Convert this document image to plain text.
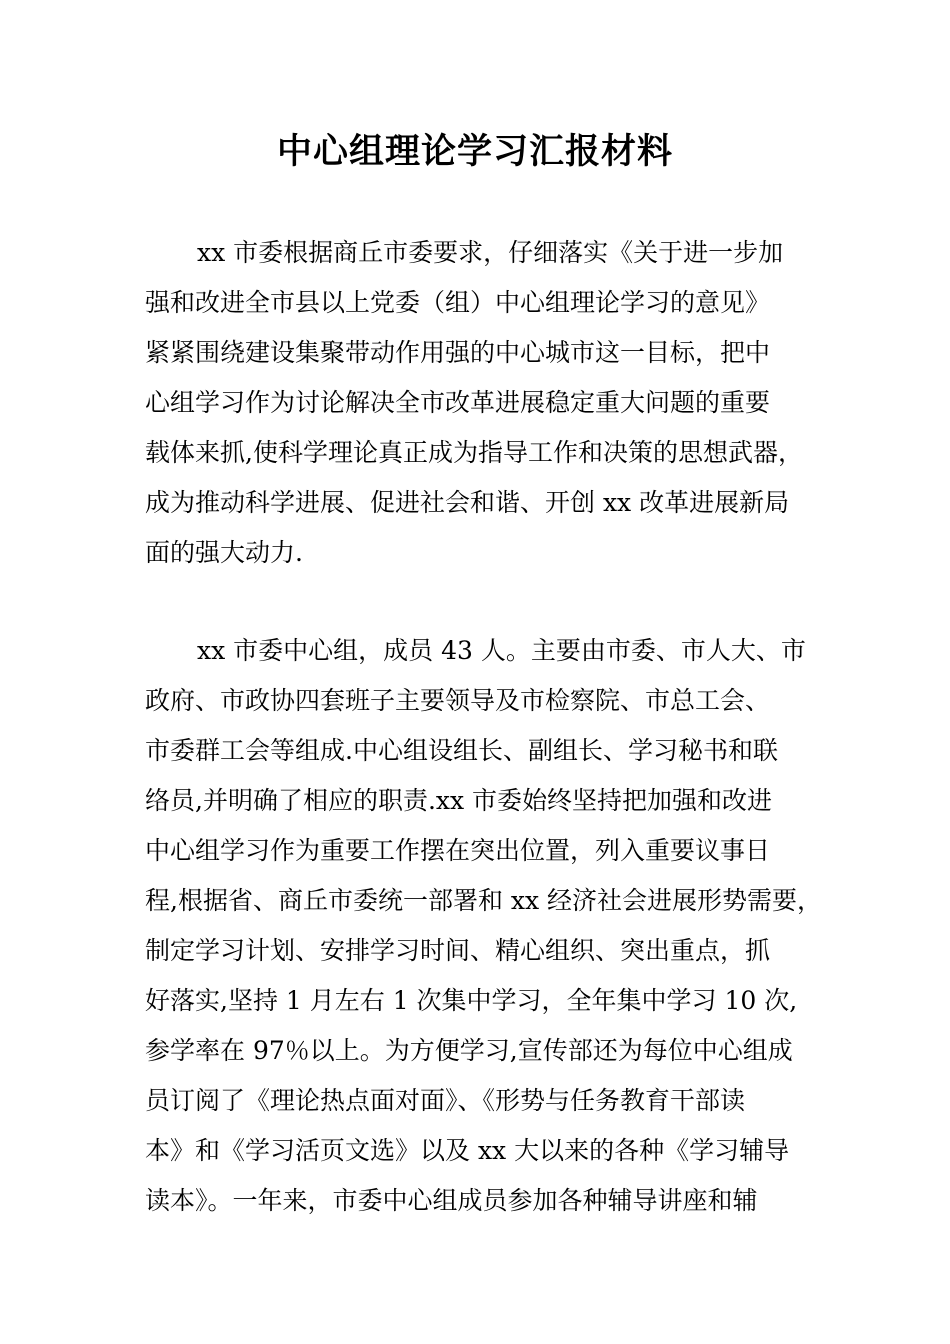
中心组理论学习汇报材料
xx 市委根据商丘市委要求，仔细落实《关于进一步加
强和改进全市县以上党委（组）中心组理论学习的意见》
紧紧围绕建设集聚带动作用强的中心城市这一目标，把中
心组学习作为讨论解决全市改革进展稳定重大问题的重要
载体来抓,使科学理论真正成为指导工作和决策的思想武器，
成为推动科学进展、促进社会和谐、开创 xx 改革进展新局
面的强大动力.
xx 市委中心组，成员 43 人。主要由市委、市人大、市
政府、市政协四套班子主要领导及市检察院、市总工会、
市委群工会等组成.中心组设组长、副组长、学习秘书和联
络员,并明确了相应的职责.xx 市委始终坚持把加强和改进
中心组学习作为重要工作摆在突出位置，列入重要议事日
程,根据省、商丘市委统一部署和 xx 经济社会进展形势需要，
制定学习计划、安排学习时间、精心组织、突出重点，抓
好落实,坚持 1 月左右 1 次集中学习，全年集中学习 10 次,
参学率在 97％以上。为方便学习,宣传部还为每位中心组成
员订阅了《理论热点面对面》、《形势与任务教育干部读
本》和《学习活页文选》以及 xx 大以来的各种《学习辅导
读本》。一年来，市委中心组成员参加各种辅导讲座和辅
